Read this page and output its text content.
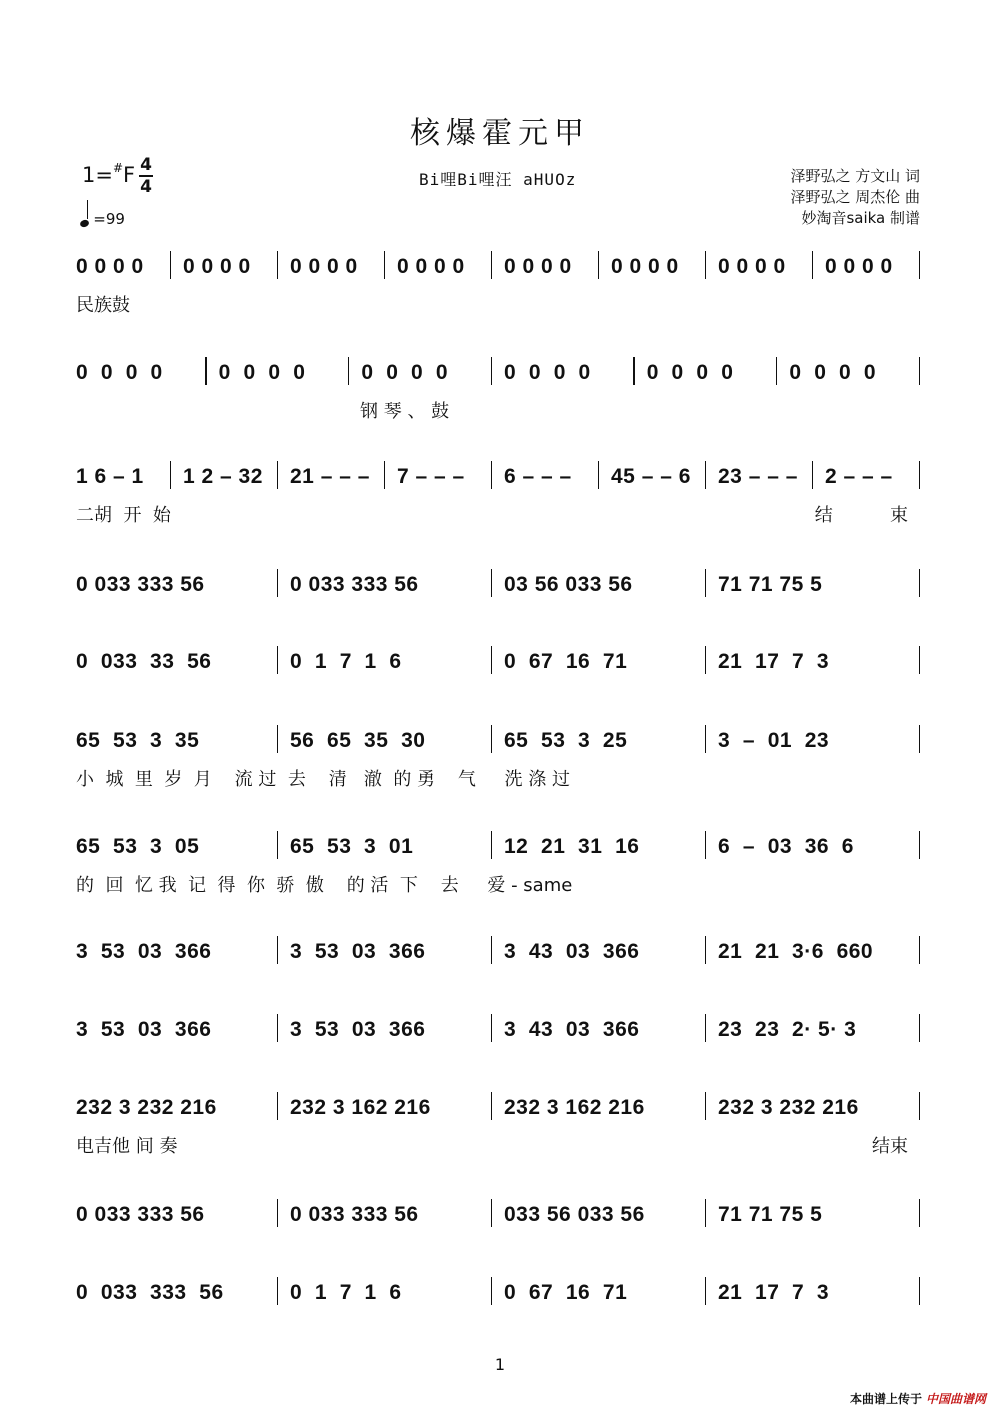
核爆霍元甲
1=#F 4
4
=99
Bi哩Bi哩汪 aHUOz	泽野弘之 方文山 词
泽野弘之 周杰伦 曲
妙淘音saika 制谱
0 0 0 0	0 0 0 0	0 0 0 0	0 0 0 0	0 0 0 0	0 0 0 0	0 0 0 0	0 0 0 0
民族鼓
0  0  0  0	0  0  0  0	0  0  0  0	0  0  0  0	0  0  0  0	0  0  0  0
钢 琴 、 鼓
1 6 – 1	1 2 – 32	21 – – –	7 – – –	6 – – –	45 – – 6	23 – – –	2 – – –
二胡  开  始	结          束
0 033 333 56	0 033 333 56	03 56 033 56	71 71 75 5
0  033  33  56	0  1  7  1  6	0  67  16  71	21  17  7  3
65  53  3  35	56  65  35  30	65  53  3  25	3  –  01  23
小  城  里  岁  月    流 过  去    清   澈  的 勇    气     洗 涤 过
65  53  3  05	65  53  3  01	12  21  31  16	6  –  03  36  6
的  回  忆 我  记  得  你  骄  傲    的 活  下    去     爱 - same
3  53  03  366	3  53  03  366	3  43  03  366	21  21  3·6  660
3  53  03  366	3  53  03  366	3  43  03  366	23  23  2· 5· 3
232 3 232 216	232 3 162 216	232 3 162 216	232 3 232 216
电吉他 间 奏	结束
0 033 333 56	0 033 333 56	033 56 033 56	71 71 75 5
0  033  333  56	0  1  7  1  6	0  67  16  71	21  17  7  3
1
本曲谱上传于 中国曲谱网
